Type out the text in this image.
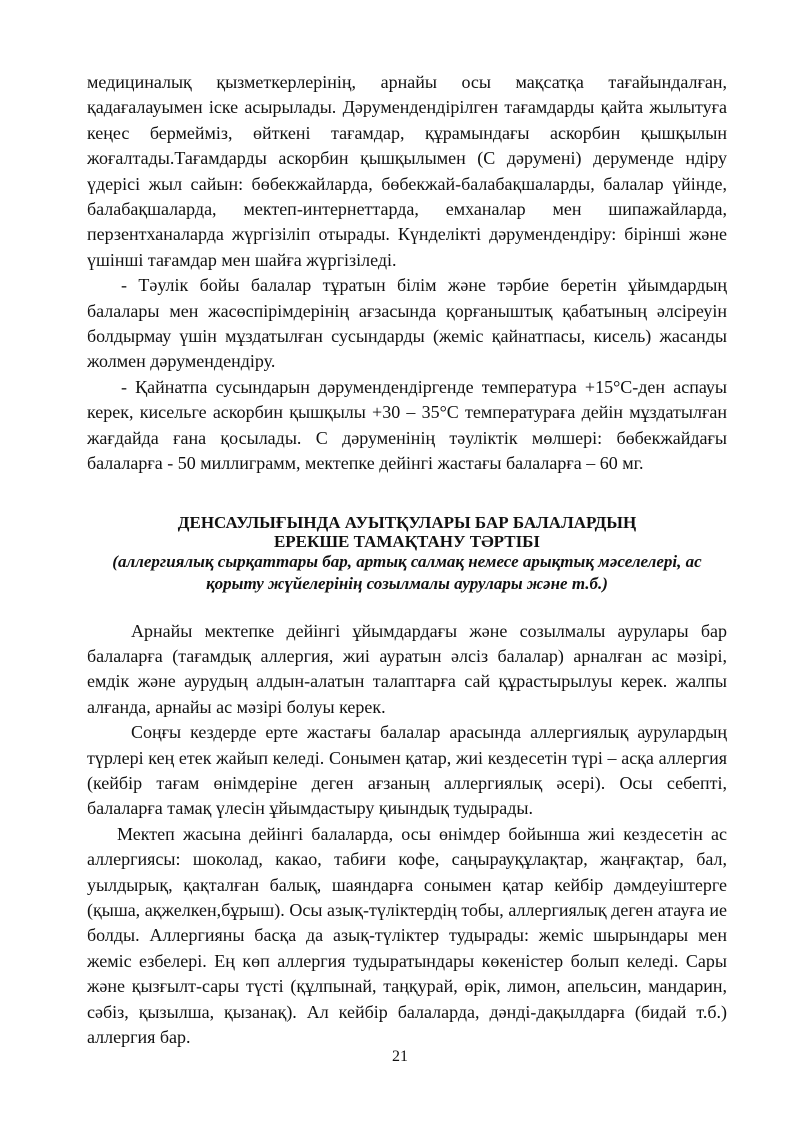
медициналық қызметкерлерінің, арнайы осы мақсатқа тағайындалған, қадағалауымен іске асырылады. Дәрумендендірілген тағамдарды қайта жылытуға кеңес бермейміз, өйткені тағамдар, құрамындағы аскорбин қышқылын жоғалтады.Тағамдарды аскорбин қышқылымен (С дәрумені) деруменде ндіру үдерісі жыл сайын: бөбекжайларда, бөбекжай-балабақшаларды, балалар үйінде, балабақшаларда, мектеп-интернеттарда, емханалар мен шипажайларда, перзентханаларда жүргізіліп отырады. Күнделікті дәрумендендіру: бірінші және үшінші тағамдар мен шайға жүргізіледі.

- Тәулік бойы балалар тұратын білім және тәрбие беретін ұйымдардың балалары мен жасөспірімдерінің ағзасында қорғаныштық қабатының әлсіреуін болдырмау үшін мұздатылған сусындарды (жеміс қайнатпасы, кисель) жасанды жолмен дәрумендендіру.

- Қайнатпа сусындарын дәрумендендіргенде температура +15°С-ден аспауы керек, кисельге аскорбин қышқылы +30 – 35°С температураға дейін мұздатылған жағдайда ғана қосылады. С дәруменінің тәуліктік мөлшері: бөбекжайдағы балаларға - 50 миллиграмм, мектепке дейінгі жастағы балаларға – 60 мг.

ДЕНСАУЛЫҒЫНДА АУЫТҚУЛАРЫ БАР БАЛАЛАРДЫҢ
ЕРЕКШЕ ТАМАҚТАНУ ТӘРТІБІ
(аллергиялық сырқаттары бар, артық салмақ немесе арықтық мәселелері, ас қорыту жүйелерінің созылмалы аурулары және т.б.)

Арнайы мектепке дейінгі ұйымдардағы және созылмалы аурулары бар балаларға (тағамдық аллергия, жиі ауратын әлсіз балалар) арналған ас мәзірі, емдік және аурудың алдын-алатын талаптарға сай құрастырылуы керек. жалпы алғанда, арнайы ас мәзірі болуы керек.

Соңғы кездерде ерте жастағы балалар арасында аллергиялық аурулардың түрлері кең етек жайып келеді. Сонымен қатар, жиі кездесетін түрі – асқа аллергия (кейбір тағам өнімдеріне деген ағзаның аллергиялық әсері). Осы себепті, балаларға тамақ үлесін ұйымдастыру қиындық тудырады.

Мектеп жасына дейінгі балаларда, осы өнімдер бойынша жиі кездесетін ас аллергиясы: шоколад, какао, табиғи кофе, саңырауқұлақтар, жаңғақтар, бал, уылдырық, қақталған балық, шаяндарға сонымен қатар кейбір дәмдеуіштерге (қыша, ақжелкен,бұрыш). Осы азық-түліктердің тобы, аллергиялық деген атауға ие болды. Аллергияны басқа да азық-түліктер тудырады: жеміс шырындары мен жеміс езбелері. Ең көп аллергия тудыратындары көкеністер болып келеді. Сары және қызғылт-сары түсті (құлпынай, таңқурай, өрік, лимон, апельсин, мандарин, сәбіз, қызылша, қызанақ). Ал кейбір балаларда, дәнді-дақылдарға (бидай т.б.) аллергия бар.

21
